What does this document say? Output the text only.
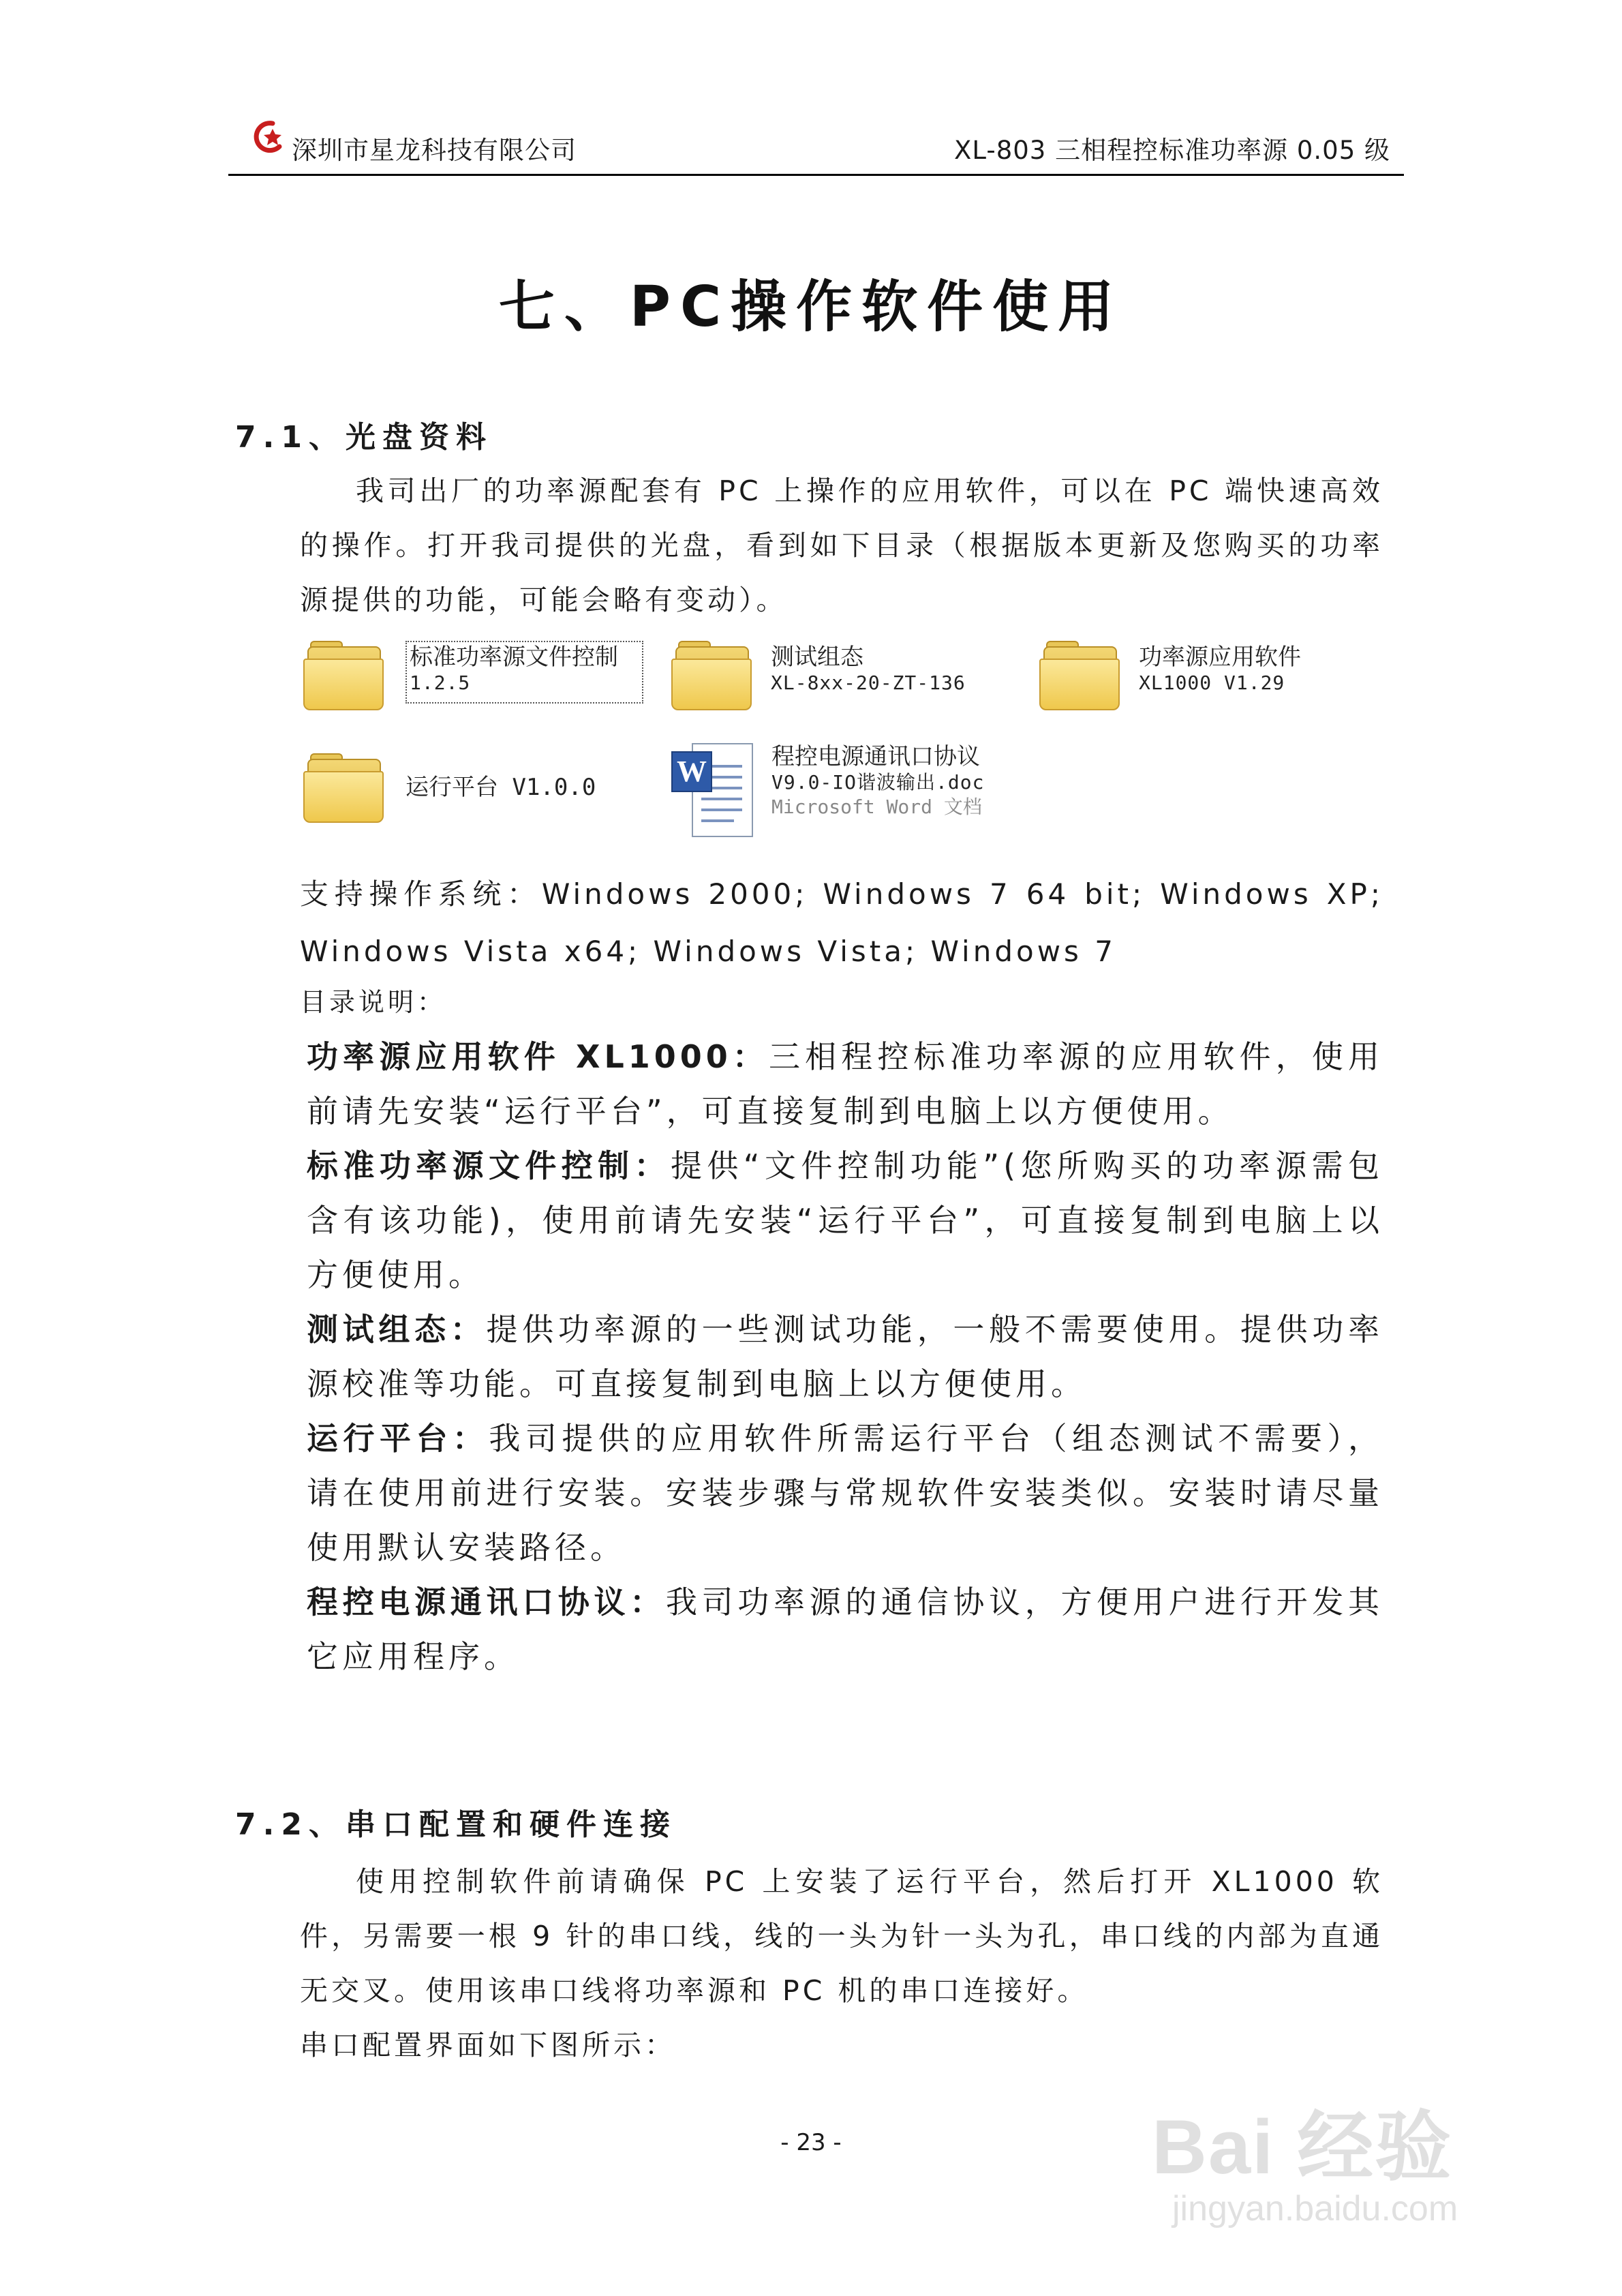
深圳市星龙科技有限公司	XL-803 三相程控标准功率源 0.05 级
七、PC操作软件使用
7.1、光盘资料
我司出厂的功率源配套有 PC 上操作的应用软件，可以在 PC 端快速高效的操作。打开我司提供的光盘，看到如下目录（根据版本更新及您购买的功率源提供的功能，可能会略有变动）。
标准功率源文件控制
1.2.5
测试组态
XL-8xx-20-ZT-136
功率源应用软件
XL1000 V1.29
运行平台 V1.0.0	W	程控电源通讯口协议
V9.0-IO谐波输出.doc
Microsoft Word 文档
支持操作系统：Windows 2000; Windows 7 64 bit; Windows XP; Windows Vista x64; Windows Vista; Windows 7
目录说明：
功率源应用软件 XL1000：三相程控标准功率源的应用软件，使用前请先安装“运行平台”，可直接复制到电脑上以方便使用。
标准功率源文件控制：提供“文件控制功能”(您所购买的功率源需包含有该功能)，使用前请先安装“运行平台”，可直接复制到电脑上以方便使用。
测试组态：提供功率源的一些测试功能，一般不需要使用。提供功率源校准等功能。可直接复制到电脑上以方便使用。
运行平台：我司提供的应用软件所需运行平台（组态测试不需要），请在使用前进行安装。安装步骤与常规软件安装类似。安装时请尽量使用默认安装路径。
程控电源通讯口协议：我司功率源的通信协议，方便用户进行开发其它应用程序。
7.2、串口配置和硬件连接
使用控制软件前请确保 PC 上安装了运行平台，然后打开 XL1000 软件，另需要一根 9 针的串口线，线的一头为针一头为孔，串口线的内部为直通无交叉。使用该串口线将功率源和 PC 机的串口连接好。
串口配置界面如下图所示：
- 23 -	Bai 经验
jingyan.baidu.com
